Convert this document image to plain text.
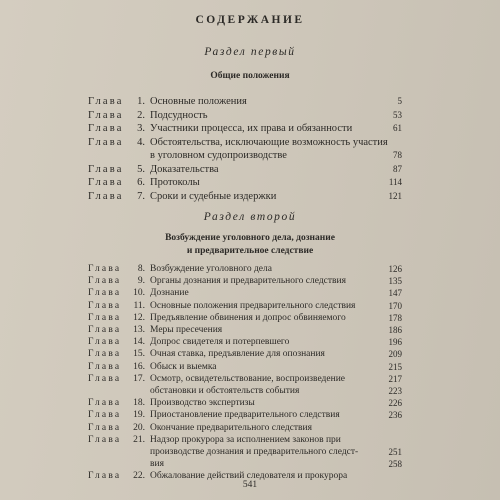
СОДЕРЖАНИЕ
Раздел первый
Общие положения
Раздел второй
Возбуждение уголовного дела, дознание
и предварительное следствие
Глава	1. Основные положения	5
Глава	2. Подсудность	53
Глава	3. Участники процесса, их права и обязанности	61
Глава	4. Обстоятельства, исключающие возможность участия
в уголовном судопроизводстве	78
Глава	5. Доказательства	87
Глава	6. Протоколы	114
Глава	7. Сроки и судебные издержки	121
Глава	8. Возбуждение уголовного дела	126
Глава	9. Органы дознания и предварительного следствия	135
Глава 10. Дознание	147
Глава 11. Основные положения предварительного следствия	170
Глава 12. Предъявление обвинения и допрос обвиняемого	178
Глава 13. Меры пресечения	186
Глава 14. Допрос свидетеля и потерпевшего	196
Глава 15. Очная ставка, предъявление для опознания	209
Глава 16. Обыск и выемка	215
Глава 17. Осмотр, освидетельствование, воспроизведение	217
обстановки и обстоятельств события	223
Глава 18. Производство экспертизы	226
Глава 19. Приостановление предварительного следствия	236
Глава 20. Окончание предварительного следствия
Глава 21. Надзор прокурора за исполнением законов при
производстве дознания и предварительного следст-	251
вия	258
Глава 22. Обжалование действий следователя и прокурора
541
